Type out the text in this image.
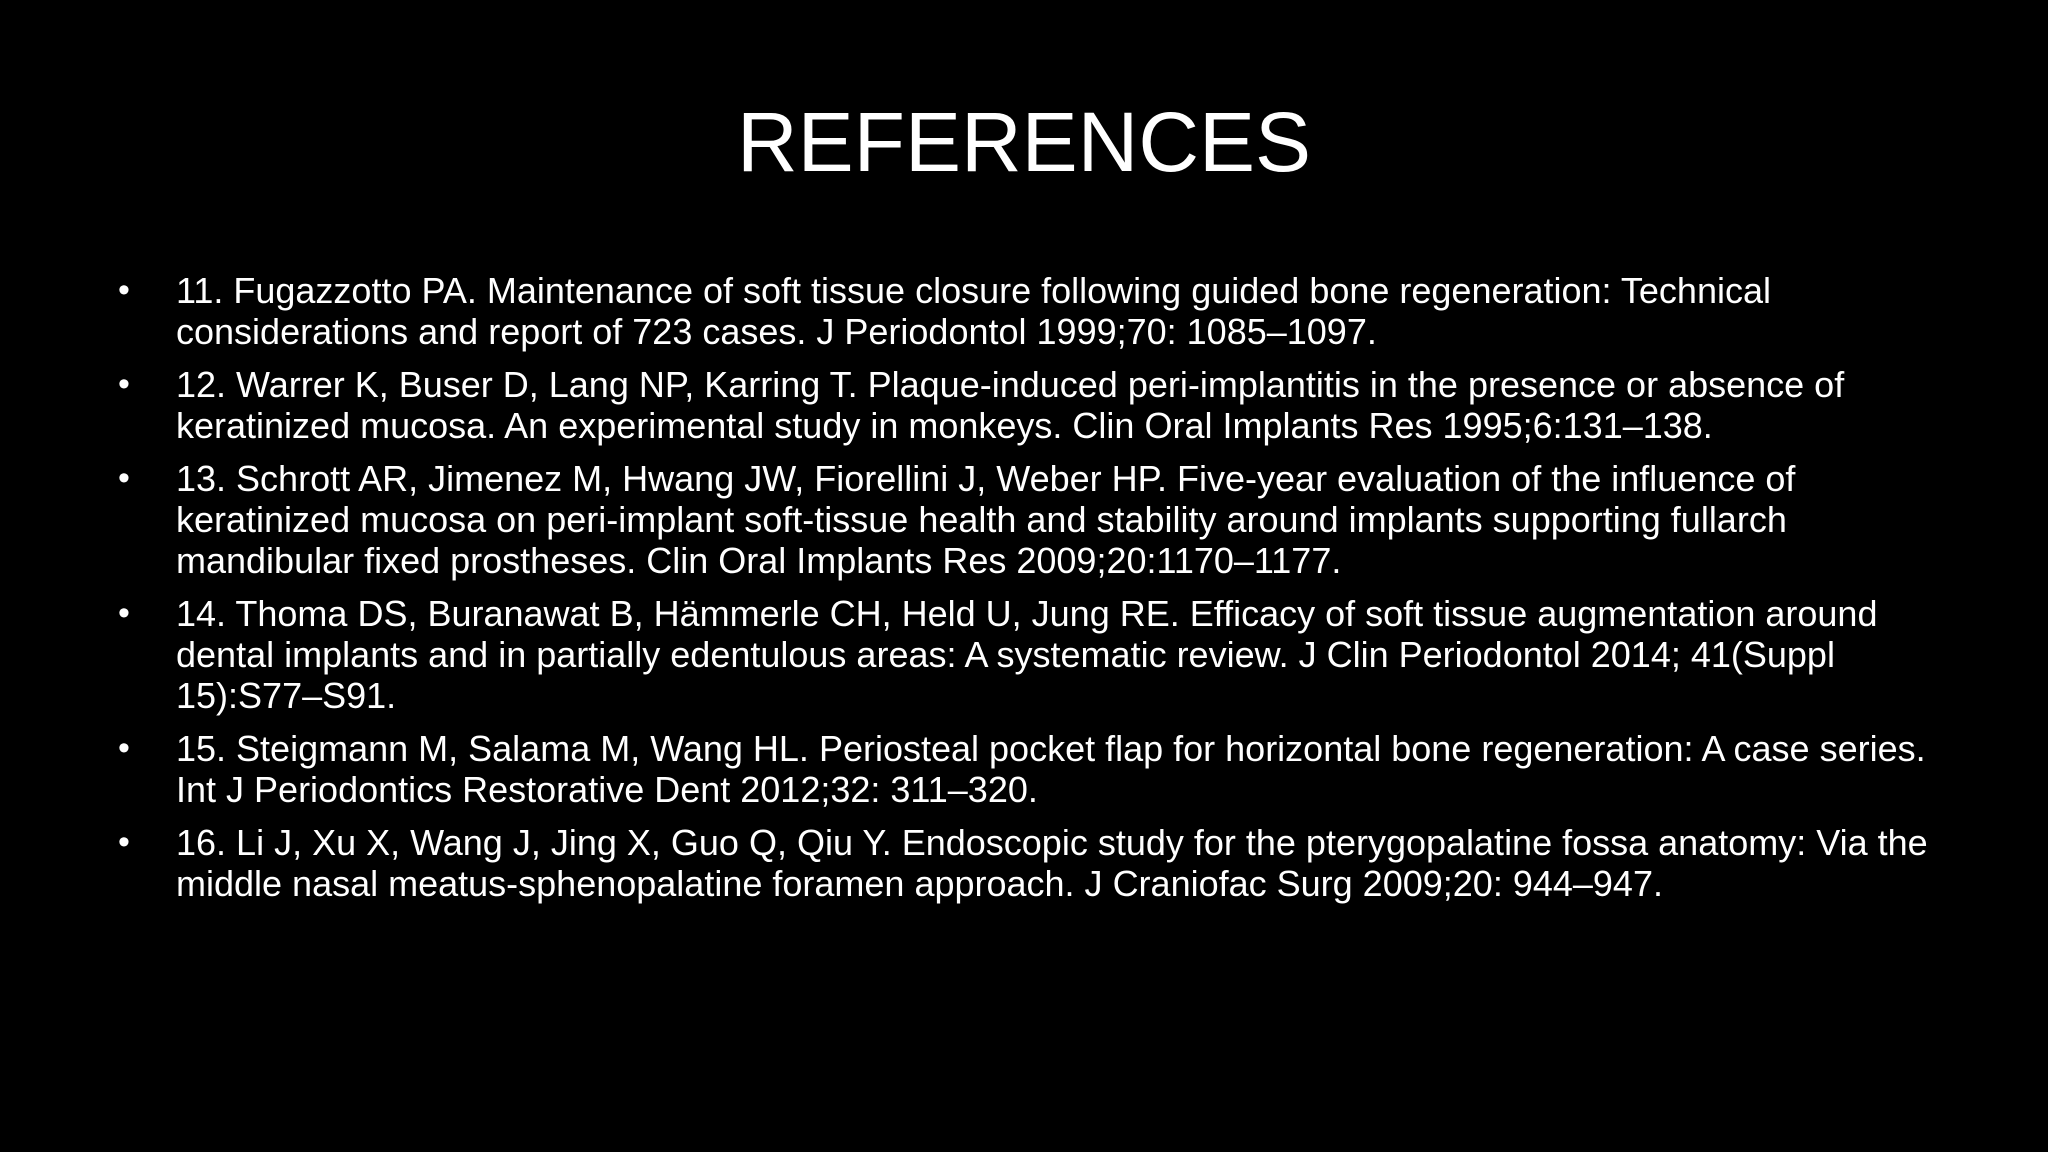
REFERENCES
•	11. Fugazzotto PA. Maintenance of soft tissue closure following guided bone regeneration: Technical considerations and report of 723 cases. J Periodontol 1999;70: 1085–1097.
•	12. Warrer K, Buser D, Lang NP, Karring T. Plaque-induced peri-implantitis in the presence or absence of keratinized mucosa. An experimental study in monkeys. Clin Oral Implants Res 1995;6:131–138.
•	13. Schrott AR, Jimenez M, Hwang JW, Fiorellini J, Weber HP. Five-year evaluation of the influence of keratinized mucosa on peri-implant soft-tissue health and stability around implants supporting fullarch mandibular fixed prostheses. Clin Oral Implants Res 2009;20:1170–1177.
•	14. Thoma DS, Buranawat B, Hämmerle CH, Held U, Jung RE. Efficacy of soft tissue augmentation around dental implants and in partially edentulous areas: A systematic review. J Clin Periodontol 2014; 41(Suppl 15):S77–S91.
•	15. Steigmann M, Salama M, Wang HL. Periosteal pocket flap for horizontal bone regeneration: A case series. Int J Periodontics Restorative Dent 2012;32: 311–320.
•	16. Li J, Xu X, Wang J, Jing X, Guo Q, Qiu Y. Endoscopic study for the pterygopalatine fossa anatomy: Via the middle nasal meatus-sphenopalatine foramen approach. J Craniofac Surg 2009;20: 944–947.
